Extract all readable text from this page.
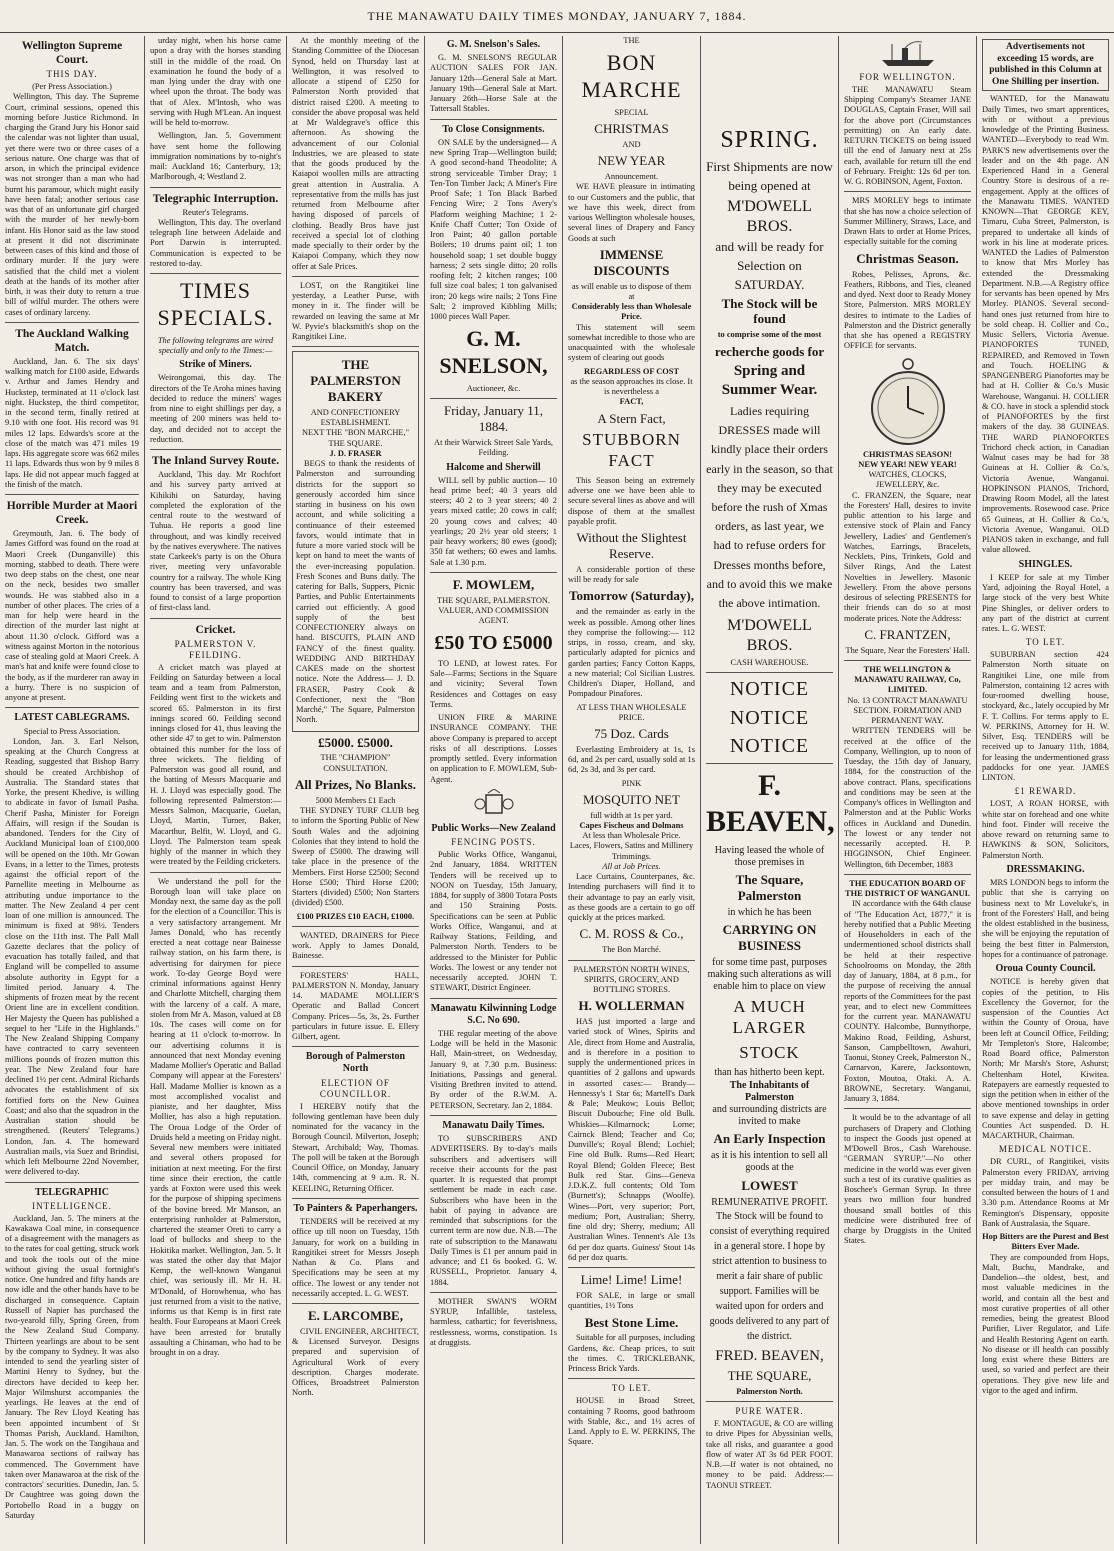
THE MANAWATU DAILY TIMES MONDAY, JANUARY 7, 1884.
Wellington Supreme Court.
THIS DAY.
(Per Press Association.)

Wellington, This day. The Supreme Court, criminal sessions, opened this morning before Justice Richmond. In charging the Grand Jury his Honor said the calendar was not lighter than usual, yet there were two or three cases of a serious nature. One charge was that of arson, in which the principal evidence was not stronger than a man who had burnt his paramour, which might easily have been fatal; another serious case was that of an unfortunate girl charged with the murder of her newly-born infant. His Honor said as the law stood at present it did not discriminate between cases of this kind and those of ordinary murder. If the jury were satisfied that the child met a violent death at the hands of its mother after birth, it was their duty to return a true bill of wilful murder. The others were cases of ordinary larceny.

The Auckland Walking Match.

Auckland, Jan. 6. The six days' walking match for £100 aside, Edwards v. Arthur and James Hendry and Huckstep, terminated at 11 o'clock last night. Huckstep, the third competitor, in the second term, finally retired at 9.10 with one foot. His record was 91 miles 12 laps. Edwards's score at the close of the match was 471 miles 19 laps. His aggregate score was 662 miles 11 laps. Edwards thus won by 9 miles 8 laps. He did not appear much fagged at the finish of the match.

Horrible Murder at Maori Creek.

Greymouth, Jan. 6. The body of James Gifford was found on the road at Maori Creek (Dunganville) this morning, stabbed to death. There were two deep stabs on the chest, one near on the neck, besides two smaller wounds. He was stabbed also in a number of other places. The cries of a man for help were heard in the direction of the murder last night at about 11.30 o'clock. Gifford was a witness against Morton in the notorious case of stealing gold at Maori Creek. A man's hat and knife were found close to the body, as if the murderer ran away in a hurry. There is no suspicion of anyone at present.

LATEST CABLEGRAMS.
Special to Press Association.

London, Jan. 3. Earl Nelson, speaking at the Church Congress at Reading, suggested that Bishop Barry should be created Archbishop of Australia. The Standard states that Yorke, the present Khedive, is willing to abdicate in favor of Ismail Pasha. Cherif Pasha, Minister for Foreign Affairs, will resign if the Soudan is abandoned. Tenders for the City of Auckland Municipal loan of £100,000 will be opened on the 10th. Mr Gowan Evans, in a letter to the Times, protests against the official report of the Parnellite meeting in Melbourne as attributing undue importance to the matter. The New Zealand 4 per cent loan of one million is announced. The minimum is fixed at 98½. Tenders close on the 11th inst. The Pall Mall Gazette declares that the policy of evacuation has totally failed, and that England will be compelled to assume absolute authority in Egypt for a limited period. January 4. The shipments of frozen meat by the recent Orient line are in excellent condition. Her Majesty the Queen has published a sequel to her "Life in the Highlands." The New Zealand Shipping Company have contracted to carry seventeen millions pounds of frozen mutton this year. The New Zealand four hare declined 1½ per cent. Admiral Richards advocates the establishment of six fortified forts on the New Guinea Coast; and also that the squadron in the Australian station should be strengthened. (Reuters' Telegrams.) London, Jan. 4. The homeward Australian mails, via Suez and Brindisi, which left Melbourne 22nd November, were delivered to-day.

TELEGRAPHIC
INTELLIGENCE.

Auckland, Jan. 5. The miners at the Kawakawa Coal mine, in consequence of a disagreement with the managers as to the rates for coal getting, struck work and took the tools out of the mine without giving the usual fortnight's notice. One hundred and fifty hands are now idle and the other hands have to be discharged in consequence. Captain Russell of Napier has purchased the two-yearold filly, Spring Green, from the New Zealand Stud Company. Thirteen yearlings are about to be sent by the company to Sydney. It was also intended to send the yearling sister of Martini Henry to Sydney, but the directors have decided to keep her. Major Wilmshurst accompanies the yearlings. He leaves at the end of January. The Rev Lloyd Keating has been appointed incumbent of St Thomas Parish, Auckland. Hamilton, Jan. 5. The work on the Tangihaua and Manawaroa sections of railway has commenced. The Government have taken over Manawaroa at the risk of the contractors' securities. Dunedin, Jan. 5. Dr Caughtree was going down the Portobello Road in a buggy on Saturday

urday night, when his horse came upon a dray with the horses standing still in the middle of the road. On examination he found the body of a man lying under the dray with one wheel upon the throat. The body was that of Alex. M'Intosh, who was serving with Hugh M'Lean. An inquest will be held to-morrow.

Wellington, Jan. 5. Government have sent home the following immigration nominations by to-night's mail: Auckland 16; Canterbury, 13; Marlborough, 4; Westland 2.

Telegraphic Interruption.
Reuter's Telegrams.

Wellington, This day. The overland telegraph line between Adelaide and Port Darwin is interrupted. Communication is expected to be restored to-day.

TIMES SPECIALS.
The following telegrams are wired specially and only to the Times:—
Strike of Miners.

Weirongomai, this day. The directors of the Te Aroha mines having decided to reduce the miners' wages from nine to eight shillings per day, a meeting of 200 miners was held to-day, and decided not to accept the reduction.

The Inland Survey Route.

Auckland, This day. Mr Rochfort and his survey party arrived at Kihikihi on Saturday, having completed the exploration of the central route to the westward of Tuhua. He reports a good line throughout, and was kindly received by the natives everywhere. The natives state Carkeek's party is on the Ohura river, meeting very unfavorable country for a railway. The whole King country has been traversed, and was found to consist of a large proportion of first-class land.

Cricket.
PALMERSTON V. FEILDING.

A cricket match was played at Feilding on Saturday between a local team and a team from Palmerston, Feilding went first to the wickets and scored 65. Palmerston in its first innings scored 60. Feilding second innings closed for 41, thus leaving the other side 47 to get to win. Palmerston obtained this number for the loss of three wickets. The fielding of Palmerston was good all round, and the batting of Messrs Macquarie and H. J. Lloyd was especially good. The following represented Palmerston:— Messrs Salmon, Macquarie, Guelan, Lloyd, Martin, Turner, Baker, Macarthur, Belfit, W. Lloyd, and G. Lloyd. The Palmerston team speak highly of the manner in which they were treated by the Feilding cricketers.

We understand the poll for the Borough loan will take place on Monday next, the same day as the poll for the election of a Councillor. This is a very satisfactory arrangement. Mr James Donald, who has recently erected a neat cottage near Bainesse railway station, on his farm there, is advertising for dairymen for piece work. To-day George Boyd were criminal informations against Henry and Charlotte Mitchell, charging them with the larceny of a calf. A mare, stolen from Mr A. Mason, valued at £8 10s. The cases will come on for hearing at 11 o'clock to-morrow. In our advertising columns it is announced that next Monday evening Madame Mollier's Operatic and Ballad Company will appear at the Foresters' Hall. Madame Mollier is known as a most accomplished vocalist and pianiste, and her daughter, Miss Mollier, has also a high reputation. The Oroua Lodge of the Order of Druids held a meeting on Friday night. Several new members were initiated and several others proposed for initiation at next meeting. For the first time since their erection, the cattle yards at Foxton were used this week for the purpose of shipping specimens of the bovine breed. Mr Manson, an enterprising runholder at Palmerston, chartered the steamer Oreti to carry a load of bullocks and sheep to the Hokitika market. Wellington, Jan. 5. It was stated the other day that Major Kemp, the well-known Wanganui chief, was seriously ill. Mr H. H. M'Donald, of Horowhenua, who has just returned from a visit to the native, informs us that Kemp is in first rate health. Four Europeans at Maori Creek have been arrested for brutally assaulting a Chinaman, who had to be brought in on a dray.

At the monthly meeting of the Standing Committee of the Diocesan Synod, held on Thursday last at Wellington, it was resolved to allocate a stipend of £250 for Palmerston North provided that district raised £200. A meeting to consider the above proposal was held at Mr Waldegrave's office this afternoon. As showing the advancement of our Colonial Industries, we are pleased to state that the goods produced by the Kaiapoi woollen mills are attracting great attention in Australia. A representative from the mills has just returned from Melbourne after having disposed of parcels of clothing. Beadly Bros have just received a special lot of clothing made specially to their order by the Kaiapoi Company, which they now offer at Sale Prices.

LOST, on the Rangitikei line yesterday, a Leather Purse, with money in it. The finder will be rewarded on leaving the same at Mr W. Pyvie's blacksmith's shop on the Rangitikei Line.

THE PALMERSTON BAKERY
AND CONFECTIONERY ESTABLISHMENT.
NEXT THE "BON MARCHE," THE SQUARE.
J. D. FRASER

BEGS to thank the residents of Palmerston and surrounding districts for the support so generously accorded him since starting in business on his own account, and while soliciting a continuance of their esteemed favors, would intimate that in future a more varied stock will be kept on hand to meet the wants of the ever-increasing population. Fresh Scones and Buns daily. The catering for Balls, Suppers, Picnic Parties, and Public Entertainments carried out efficiently. A good supply of the best CONFECTIONERY always on hand. BISCUITS, PLAIN AND FANCY of the finest quality. WEDDING AND BIRTHDAY CAKES made on the shortest notice. Note the Address— J. D. FRASER, Pastry Cook & Confectioner, next the "Bon Marché," The Square, Palmerston North.

£5000. £5000.
THE "CHAMPION" CONSULTATION.
All Prizes, No Blanks.
5000 Members £1 Each

THE SYDNEY TURF CLUB beg to inform the Sporting Public of New South Wales and the adjoining Colonies that they intend to hold the Sweep of £5000. The drawing will take place in the presence of the Members. First Horse £2500; Second Horse £500; Third Horse £200; Starters (divided) £500; Non Starters (divided) £500.

£100 PRIZES £10 EACH, £1000.

WANTED, DRAINERS for Piece work. Apply to James Donald, Bainesse.

FORESTERS' HALL, PALMERSTON N. Monday, January 14. MADAME MOLLIER'S Operatic and Ballad Concert Company. Prices—5s, 3s, 2s. Further particulars in future issue. E. Ellery Gilbert, agent.

Borough of Palmerston North
ELECTION OF COUNCILLOR.

I HEREBY notify that the following gentleman have been duly nominated for the vacancy in the Borough Council. Milverton, Joseph; Stewart, Archibald; Way, Thomas. The poll will be taken at the Borough Council Office, on Monday, January 14th, commencing at 9 a.m. R. N. KEELING, Returning Officer.

To Painters & Paperhangers.

TENDERS will be received at my office up till noon on Tuesday, 15th January, for work on a building in Rangitikei street for Messrs Joseph Nathan & Co. Plans and Specifications may be seen at my office. The lowest or any tender not necessarily accepted. L. G. WEST.

E. LARCOMBE,

CIVIL ENGINEER, ARCHITECT, & Licensed Surveyor. Designs prepared and supervision of Agricultural Work of every description. Charges moderate. Offices, Broadstreet Palmerston North.

G. M. Snelson's Sales.

G. M. SNELSON'S REGULAR AUCTION SALES FOR JAN. January 12th—General Sale at Mart. January 19th—General Sale at Mart. January 26th—Horse Sale at the Tattersall Stables.

To Close Consignments.

ON SALE by the undersigned— A new Spring Trap—Wellington build; A good second-hand Theodolite; A strong serviceable Timber Dray; 1 Ten-Ton Timber Jack; A Miner's Fire Proof Safe; 1 Ton Black Barbed Fencing Wire; 2 Tons Avery's Platform weighing Machine; 1 2-Knife Chaff Cutter; Ton Oxide of Iron Paint; 40 gallon portable Boilers; 10 drums paint oil; 1 ton household soap; 1 set double buggy harness; 2 sets single ditto; 20 rolls roofing felt; 2 kitchen ranges; 100 full size coal bales; 1 ton galvanised iron; 20 kegs wire nails; 2 Tons Fine Salt; 2 improved Kibbling Mills; 1000 pieces Wall Paper.

G. M. SNELSON,
Auctioneer, &c.
Friday, January 11, 1884.
At their Warwick Street Sale Yards, Feilding.
Halcome and Sherwill

WILL sell by public auction— 10 head prime beef; 40 3 years old steers; 40 2 to 3 year steers; 40 2 years mixed cattle; 20 cows in calf; 20 young cows and calves; 40 yearlings; 20 2½ year old steers; 1 pair heavy workers; 80 ewes (good); 350 fat wethers; 60 ewes and lambs. Sale at 1.30 p.m.

F. MOWLEM,
THE SQUARE, PALMERSTON. VALUER, AND COMMISSION AGENT.
£50 TO £5000

TO LEND, at lowest rates. For Sale—Farms; Sections in the Square and vicinity; Several Town Residences and Cottages on easy Terms.

UNION FIRE & MARINE INSURANCE COMPANY. THE above Company is prepared to accept risks of all descriptions. Losses promptly settled. Every information on application to F. MOWLEM, Sub-Agent.

Public Works—New Zealand
FENCING POSTS.

Public Works Office, Wanganui, 2nd January, 1884. WRITTEN Tenders will be received up to NOON on Tuesday, 15th January, 1884, for supply of 3800 Totara Posts and 150 Straining Posts. Specifications can be seen at Public Works Office, Wanganui, and at Railway Stations, Feilding, and Palmerston North. Tenders to be addressed to the Minister for Public Works. The lowest or any tender not necessarily accepted. JOHN T. STEWART, District Engineer.

Manawatu Kilwinning Lodge S.C. No 690.

THE regular meeting of the above Lodge will be held in the Masonic Hall, Main-street, on Wednesday, January 9, at 7.30 p.m. Business: Initiations, Passings and general. Visiting Brethren invited to attend. By order of the R.W.M. A. PETERSON, Secretary. Jan 2, 1884.

Manawatu Daily Times.

TO SUBSCRIBERS AND ADVERTISERS. By to-day's mails subscribers and advertisers will receive their accounts for the past quarter. It is requested that prompt settlement be made in each case. Subscribers who have been in the habit of paying in advance are reminded that subscriptions for the current term are now due. N.B.—The rate of subscription to the Manawatu Daily Times is £1 per annum paid in advance; and £1 6s booked. G. W. RUSSELL, Proprietor. January 4, 1884.

MOTHER SWAN'S WORM SYRUP, Infallible, tasteless, harmless, cathartic; for feverishness, restlessness, worms, constipation. 1s at druggists.

THE
BON MARCHE
SPECIAL
CHRISTMAS
AND
NEW YEAR
Announcement.

WE HAVE pleasure in intimating to our Customers and the public, that we have this week, direct from various Wellington wholesale houses, several lines of Drapery and Fancy Goods at such

IMMENSE DISCOUNTS
as will enable us to dispose of them at
Considerably less than Wholesale Price.

This statement will seem somewhat incredible to those who are unacquainted with the wholesale system of clearing out goods

REGARDLESS OF COST
as the season approaches its close. It is nevertheless a
FACT,
A Stern Fact,
STUBBORN FACT

This Season being an extremely adverse one we have been able to secure several lines as above and will dispose of them at the smallest payable profit.

Without the Slightest Reserve.

A considerable portion of these will be ready for sale

Tomorrow (Saturday),

and the remainder as early in the week as possible. Among other lines they comprise the following:— 112 strips, in rosso, cream, and sky, particularly adapted for picnics and garden parties; Fancy Cotton Kapps, a new material; Col Sicilian Lustres. Children's Diaper, Holland, and Pompadour Pinafores.

AT LESS THAN WHOLESALE PRICE.
75 Doz. Cards

Everlasting Embroidery at 1s, 1s 6d, and 2s per card, usually sold at 1s 6d, 2s 3d, and 3s per card.

PINK
MOSQUITO NET
full width at 1s per yard.
Capes Fischeus and Dolmans
At less than Wholesale Price.
Laces, Flowers, Satins and Millinery Trimmings.
All at Job Prices.

Lace Curtains, Counterpanes, &c. Intending purchasers will find it to their advantage to pay an early visit, as these goods are a certain to go off quickly at the prices marked.

C. M. ROSS & Co.,
The Bon Marché.
PALMERSTON NORTH WINES, SPIRITS, GROCERY, AND BOTTLING STORES.
H. WOLLERMAN

HAS just imported a large and varied stock of Wines, Spirits and Ale, direct from Home and Australia, and is therefore in a position to supply the undermentioned prices in quantities of 2 gallons and upwards in assorted cases:— Brandy—Hennessy's 1 Star 6s; Martell's Dark & Pale; Meukow; Louis Bellot; Biscuit Dubouche; Fine old Bulk. Whiskies—Kilmarnock; Lorne; Cairnck Blend; Teacher and Co; Dunville's; Royal Blend; Lochiel; Fine old Bulk. Rums—Red Heart; Royal Blend; Golden Fleece; Best Bulk red Star. Gins—Geneva J.D.K.Z. full contents; Old Tom (Burnett's); Schnapps (Woolfe). Wines—Port, very superior; Port, medium; Port, Australian; Sherry, fine old dry; Sherry, medium; All Australian Wines. Tennent's Ale 13s 6d per doz quarts. Guiness' Stout 14s 6d per doz quarts.

Lime! Lime! Lime!

FOR SALE, in large or small quantities, 1½ Tons

Best Stone Lime.

Suitable for all purposes, including Gardens, &c. Cheap prices, to suit the times. C. TRICKLEBANK, Princess Brick Yards.

TO LET.

HOUSE in Broad Street, containing 7 Rooms, good bathroom with Stable, &c., and 1½ acres of Land. Apply to E. W. PERKINS, The Square.

SPRING.
First Shipments are now
being opened at
M'DOWELL BROS.
and will be ready for
Selection on
SATURDAY.
The Stock will be found
to comprise some of the most
recherche goods for
Spring and Summer Wear.
Ladies requiring DRESSES made will kindly place their orders early in the season, so that they may be executed before the rush of Xmas orders, as last year, we had to refuse orders for Dresses months before, and to avoid this we make the above intimation.
M'DOWELL BROS.
CASH WAREHOUSE.
NOTICE
NOTICE
NOTICE
F. BEAVEN,
Having leased the whole of those premises in
The Square, Palmerston
in which he has been
CARRYING ON BUSINESS
for some time past, purposes making such alterations as will enable him to place on view
A MUCH LARGER
STOCK
than has hitherto been kept.
The Inhabitants of Palmerston
and surrounding districts are invited to make
An Early Inspection
as it is his intention to sell all goods at the
LOWEST
REMUNERATIVE PROFIT.
The Stock will be found to consist of everything required in a general store. I hope by strict attention to business to merit a fair share of public support. Families will be waited upon for orders and goods delivered to any part of the district.
FRED. BEAVEN,
THE SQUARE,
Palmerston North.
PURE WATER.

F. MONTAGUE, & CO are willing to drive Pipes for Abyssinian wells, take all risks, and guarantee a good flow of water AT 3s 6d PER FOOT. N.B.—If water is not obtained, no money to be paid. Address:— TAONUI STREET.

FOR WELLINGTON.

THE MANAWATU Steam Shipping Company's Steamer JANE DOUGLAS, Captain Fraser, Will sail for the above port (Circumstances permitting) on An early date. RETURN TICKETS on being issued till the end of January next at 25s each, available for return till the end of February. Freight: 12s 6d per ton. W. G. ROBINSON, Agent, Foxton.

MRS MORLEY begs to intimate that she has now a choice selection of Summer Millinery, Straws, Lace, and Drawn Hats to order at Home Prices, especially suitable for the coming

Christmas Season.

Robes, Pelisses, Aprons, &c. Feathers, Ribbons, and Ties, cleaned and dyed. Next door to Ready Money Store, Palmerston. MRS MORLEY desires to intimate to the Ladies of Palmerston and the District generally that she has opened a REGISTRY OFFICE for servants.

CHRISTMAS SEASON!
NEW YEAR! NEW YEAR!
WATCHES, CLOCKS, JEWELLERY, &c.

C. FRANZEN, the Square, near the Foresters' Hall, desires to invite public attention to his large and extensive stock of Plain and Fancy Jewellery, Ladies' and Gentlemen's Watches, Earrings, Bracelets, Necklets, Pins, Trinkets, Gold and Silver Rings, And the Latest Novelties in Jewellery. Masonic Jewellery. From the above persons desirous of selecting PRESENTS for their friends can do so at most moderate prices. Note the Address:

C. FRANTZEN,
The Square, Near the Foresters' Hall.
THE WELLINGTON & MANAWATU RAILWAY, Co, LIMITED.
No. 13 CONTRACT MANAWATU SECTION. FORMATION AND PERMANENT WAY.

WRITTEN TENDERS will be received at the office of the Company, Wellington, up to noon of Tuesday, the 15th day of January, 1884, for the construction of the above contract. Plans, specifications and conditions may be seen at the Company's offices in Wellington and Palmerston and at the Public Works offices in Auckland and Dunedin. The lowest or any tender not necessarily accepted. H. P. HIGGINSON, Chief Engineer. Wellington, 6th December, 1883

THE EDUCATION BOARD OF THE DISTRICT OF WANGANUI.

IN accordance with the 64th clause of "The Education Act, 1877," it is hereby notified that a Public Meeting of Householders in each of the undermentioned school districts shall be held at their respective Schoolrooms on Monday, the 28th day of January, 1884, at 8 p.m., for the purpose of receiving the annual reports of the Committees for the past year, and to elect new Committees for the current year. MANAWATU COUNTY. Halcombe, Bunnythorpe, Makino Road, Feilding, Ashurst, Sanson, Campbelltown, Awahuri, Taonui, Stoney Creek, Palmerston N., Carnarvon, Karere, Jacksontown, Foxton, Moutoa, Otaki. A. A. BROWNE, Secretary. Wanganui, January 3, 1884.

It would be to the advantage of all purchasers of Drapery and Clothing to inspect the Goods just opened at M'Dowell Bros., Cash Warehouse. "GERMAN SYRUP."—No other medicine in the world was ever given such a test of its curative qualities as Boschee's German Syrup. In three years two million four hundred thousand small bottles of this medicine were distributed free of charge by Druggists in the United States.

Advertisements not exceeding 15 words, are published in this Column at One Shilling per insertion.

WANTED, for the Manawatu Daily Times, two smart apprentices, with or without a previous knowledge of the Printing Business. WANTED—Everybody to read Wm. PARK'S new advertisements over the leader and on the 4th page. AN Experienced Hand in a General Country Store is desirous of a re-engagement. Apply at the offices of the Manawatu TIMES. WANTED KNOWN—That GEORGE KEY, Timaru, Cuba Street, Palmerston, is prepared to undertake all kinds of work in his line at moderate prices. WANTED the Ladies of Palmerston to know that Mrs Morley has extended the Dressmaking Department. N.B.—A Registry office for servants has been opened by Mrs Morley. PIANOS. Several second-hand ones just returned from hire to be sold cheap. H. Collier and Co., Music Sellers, Victoria Avenue. PIANOFORTES TUNED, REPAIRED, and Removed in Town and Touch. HOELING & SPANGENBERG Pianofortes may be had at H. Collier & Co.'s Music Warehouse, Wanganui. H. COLLIER & CO. have in stock a splendid stock of PIANOFORTES by the first makers of the day. 38 GUINEAS. THE WARD PIANOFORTES Trichord check action, in Canadian Walnut cases may be had for 38 Guineas at H. Collier & Co.'s, Victoria Avenue, Wanganui. HOPKINSON PIANOS, Trichord, Drawing Room Model, all the latest improvements. Rosewood case. Price 65 Guineas, at H. Collier & Co.'s, Victoria Avenue, Wanganui. OLD PIANOS taken in exchange, and full value allowed.

SHINGLES.

I KEEP for sale at my Timber Yard, adjoining the Royal Hotel, a large stock of the very best White Pine Shingles, or deliver orders to any part of the district at current rates. L. G. WEST.

TO LET.

SUBURBAN section 424 Palmerston North situate on Rangitikei Line, one mile from Palmerston, containing 12 acres with four-roomed dwelling house, stockyard, &c., lately occupied by Mr F. T. Collins. For terms apply to E. W. PERKINS, Attorney for H. W. Silver, Esq. TENDERS will be received up to January 11th, 1884, for leasing the undermentioned grass paddocks for one year. JAMES LINTON.

£1 REWARD.

LOST, A ROAN HORSE, with white star on forehead and one white hind foot. Finder will receive the above reward on returning same to HAWKINS & SON, Solicitors, Palmerston North.

DRESSMAKING.

MRS LONDON begs to inform the public that she is carrying on business next to Mr Loveluke's, in front of the Foresters' Hall, and being the oldest established in the business, she will be enjoying the reputation of being the best fitter in Palmerston, hopes for a continuance of patronage.

Oroua County Council.

NOTICE is hereby given that copies of the petition, to His Excellency the Governor, for the suspension of the Counties Act within the County of Oroua, have been left at Council Office, Feilding; Mr Templeton's Store, Halcombe; Road Board office, Palmerston North; Mr Marsh's Store, Ashurst; Cheltenham Hotel, Kiwitea. Ratepayers are earnestly requested to sign the petition when in either of the above mentioned townships in order to save expense and delay in getting Counties Act suspended. D. H. MACARTHUR, Chairman.

MEDICAL NOTICE.

DR CURL, of Rangitikei, visits Palmerston every FRIDAY, arriving per midday train, and may be consulted between the hours of 1 and 3.30 p.m. Attendance Rooms at Mr Remington's Dispensary, opposite Bank of Australasia, the Square.

Hop Bitters are the Purest and Best Bitters Ever Made.

They are compounded from Hops, Malt, Buchu, Mandrake, and Dandelion—the oldest, best, and most valuable medicines in the world, and contain all the best and most curative properties of all other remedies, being the greatest Blood Purifier, Liver Regulator, and Life and Health Restoring Agent on earth. No disease or ill health can possibly long exist where these Bitters are used, so varied and perfect are their operations. They give new life and vigor to the aged and infirm.
